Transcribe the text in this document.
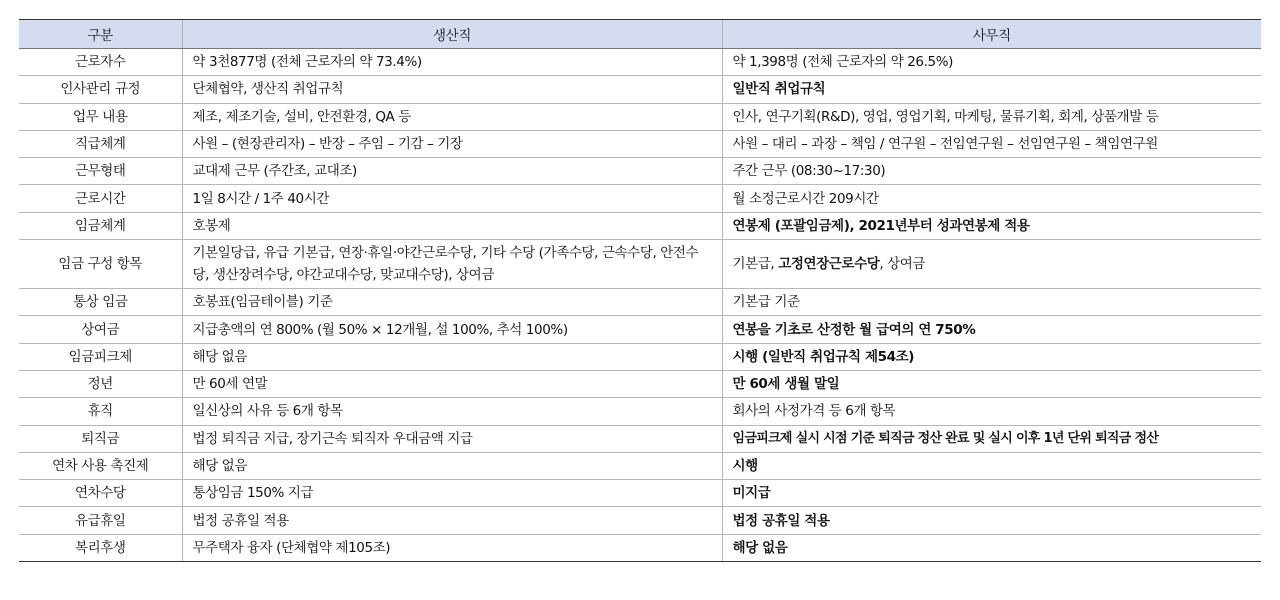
구분	생산직	사무직
근로자수	약 3천877명 (전체 근로자의 약 73.4%)	약 1,398명 (전체 근로자의 약 26.5%)
인사관리 규정	단체협약, 생산직 취업규칙	일반직 취업규칙
업무 내용	제조, 제조기술, 설비, 안전환경, QA 등	인사, 연구기획(R&D), 영업, 영업기획, 마케팅, 물류기획, 회계, 상품개발 등
직급체계	사원 – (현장관리자) – 반장 – 주임 – 기감 – 기장	사원 – 대리 – 과장 – 책임 / 연구원 – 전임연구원 – 선임연구원 – 책임연구원
근무형태	교대제 근무 (주간조, 교대조)	주간 근무 (08:30~17:30)
근로시간	1일 8시간 / 1주 40시간	월 소정근로시간 209시간
임금체계	호봉제	연봉제 (포괄임금제), 2021년부터 성과연봉제 적용
임금 구성 항목	기본일당급, 유급 기본급, 연장·휴일·야간근로수당, 기타 수당 (가족수당, 근속수당, 안전수당, 생산장려수당, 야간교대수당, 맞교대수당), 상여금	기본급, 고정연장근로수당, 상여금
통상 임금	호봉표(임금테이블) 기준	기본급 기준
상여금	지급총액의 연 800% (월 50% × 12개월, 설 100%, 추석 100%)	연봉을 기초로 산정한 월 급여의 연 750%
임금피크제	해당 없음	시행 (일반직 취업규칙 제54조)
정년	만 60세 연말	만 60세 생월 말일
휴직	일신상의 사유 등 6개 항목	회사의 사정가격 등 6개 항목
퇴직금	법정 퇴직금 지급, 장기근속 퇴직자 우대금액 지급	임금피크제 실시 시점 기준 퇴직금 정산 완료 및 실시 이후 1년 단위 퇴직금 정산
연차 사용 촉진제	해당 없음	시행
연차수당	통상임금 150% 지급	미지급
유급휴일	법정 공휴일 적용	법정 공휴일 적용
복리후생	무주택자 융자 (단체협약 제105조)	해당 없음
